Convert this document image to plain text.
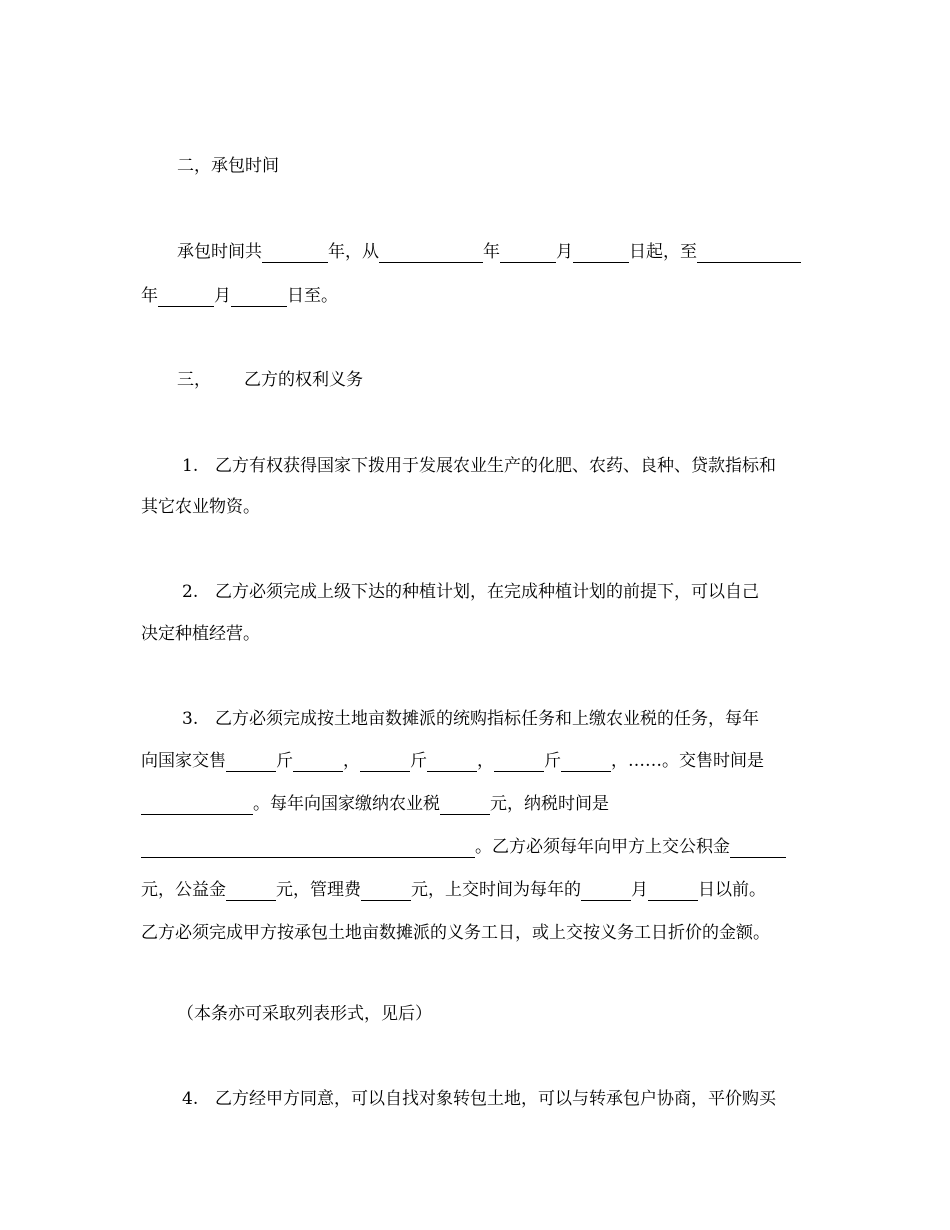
二，承包时间
承包时间共	年，从	年	月	日起，至
年	月	日至。
三， 乙方的权利义务
1. 乙方有权获得国家下拨用于发展农业生产的化肥、农药、良种、贷款指标和
其它农业物资。
2. 乙方必须完成上级下达的种植计划，在完成种植计划的前提下，可以自己
决定种植经营。
3. 乙方必须完成按土地亩数摊派的统购指标任务和上缴农业税的任务，每年
向国家交售	斤	，	斤	，	斤	，……。交售时间是
。每年向国家缴纳农业税	元，纳税时间是
。乙方必须每年向甲方上交公积金
元，公益金	元，管理费	元，上交时间为每年的	月	日以前。
乙方必须完成甲方按承包土地亩数摊派的义务工日，或上交按义务工日折价的金额。
（本条亦可采取列表形式，见后）
4. 乙方经甲方同意，可以自找对象转包土地，可以与转承包户协商，平价购买
